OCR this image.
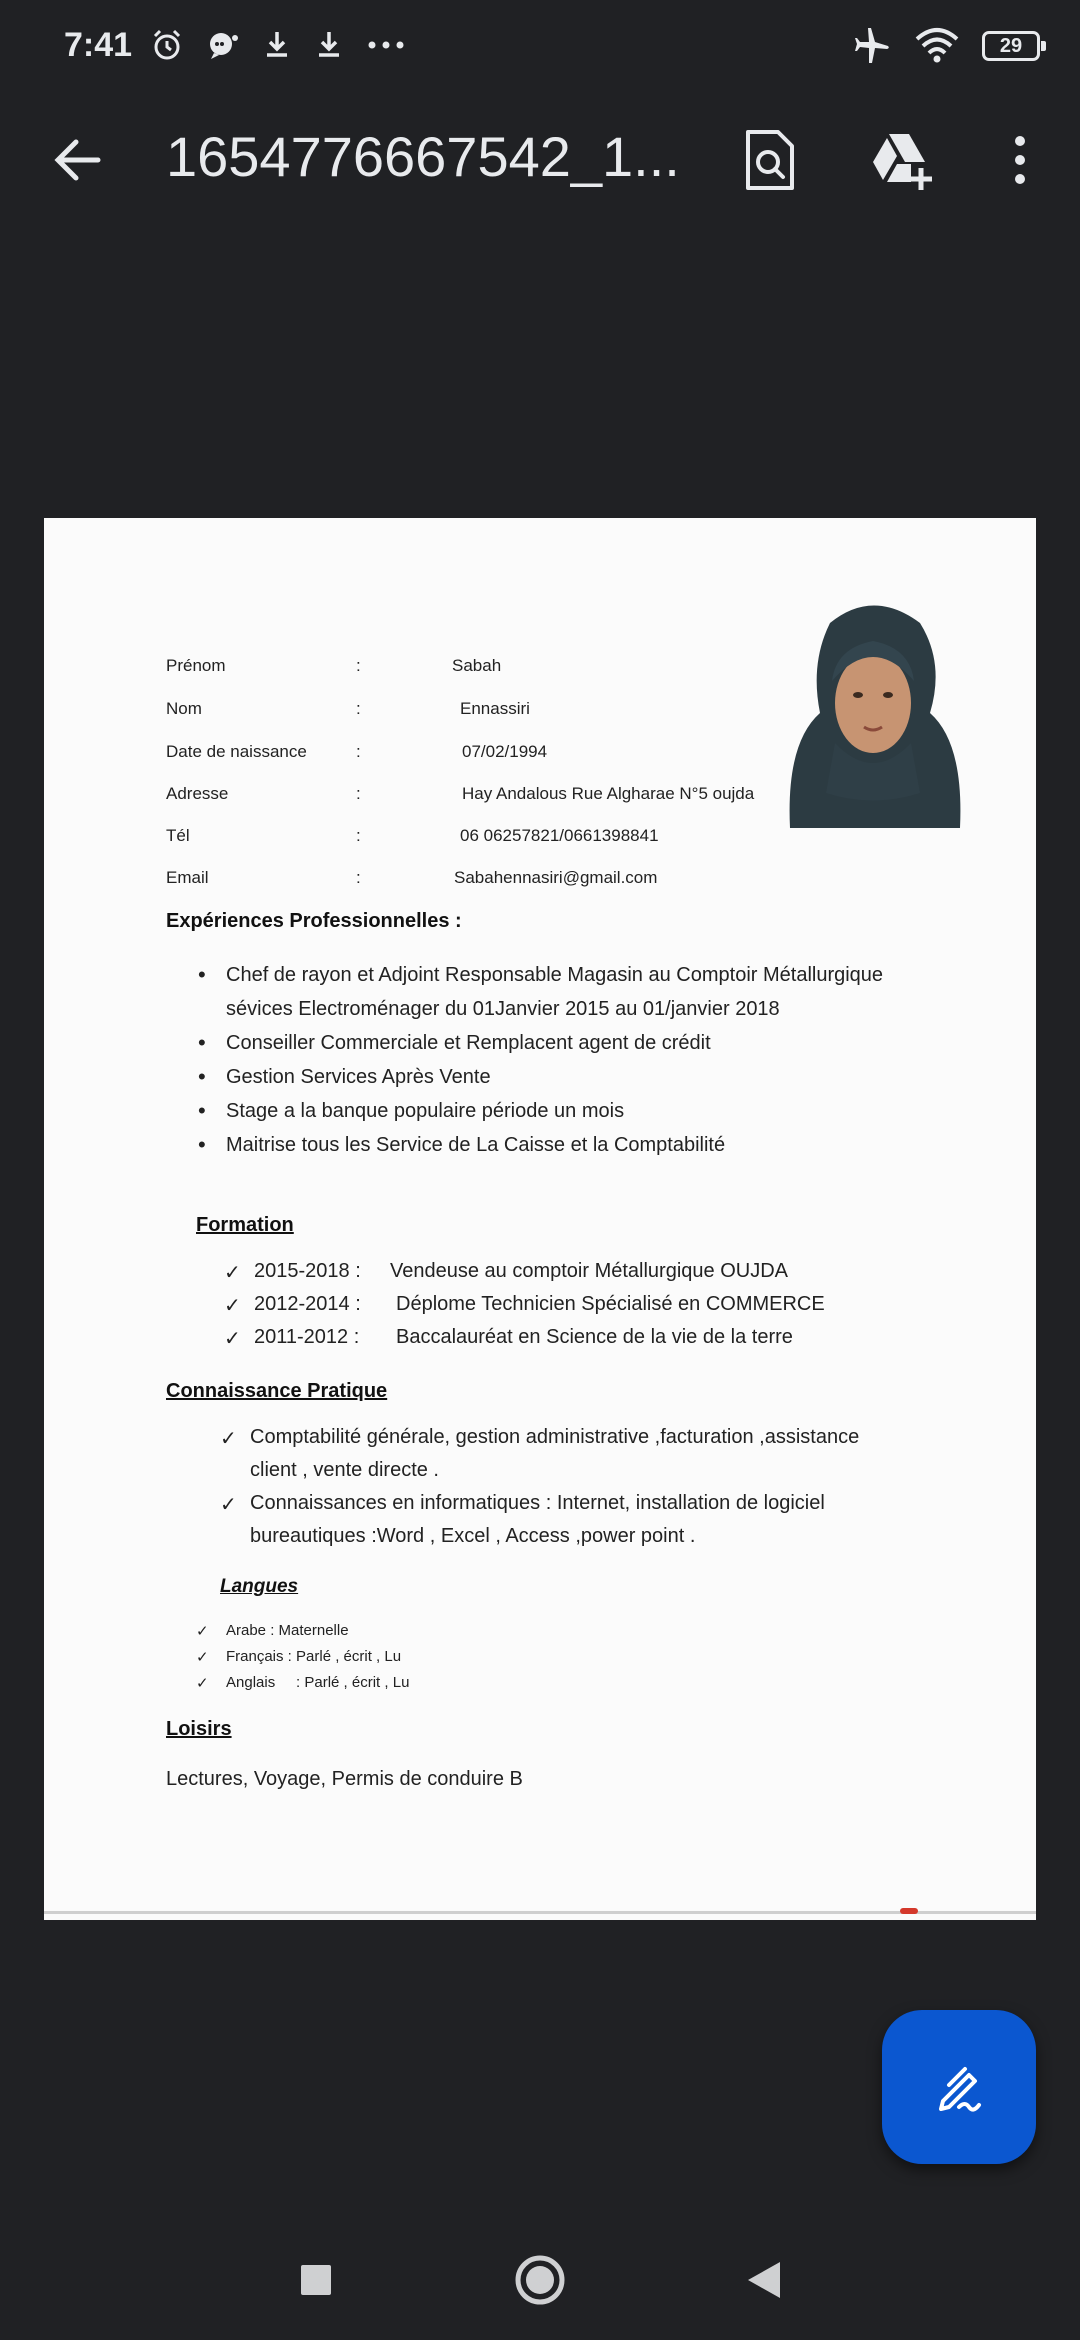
7:41	29
1654776667542_1...
Prénom	:	Sabah
Nom	:	Ennassiri
Date de naissance	:	07/02/1994
Adresse	:	Hay Andalous Rue Algharae N°5 oujda
Tél	:	06 06257821/0661398841
Email	:	Sabahennasiri@gmail.com
Expériences Professionnelles :
• Chef de rayon et Adjoint Responsable Magasin au Comptoir Métallurgique sévices Electroménager du 01Janvier 2015 au 01/janvier 2018
• Conseiller Commerciale et Remplacent agent de crédit
• Gestion Services Après Vente
• Stage a la banque populaire période un mois
• Maitrise tous les Service de La Caisse et la Comptabilité
Formation
✓ 2015-2018 : Vendeuse au comptoir Métallurgique OUJDA
✓ 2012-2014 : Déplome Technicien Spécialisé en COMMERCE
✓ 2011-2012 : Baccalauréat en Science de la vie de la terre
Connaissance Pratique
✓ Comptabilité générale, gestion administrative ,facturation ,assistance
client , vente directe .
✓ Connaissances en informatiques : Internet, installation de logiciel
bureautiques :Word , Excel , Access ,power point .
Langues
✓ Arabe : Maternelle
✓ Français : Parlé , écrit , Lu
✓ Anglais     : Parlé , écrit , Lu
Loisirs
Lectures, Voyage, Permis de conduire B
